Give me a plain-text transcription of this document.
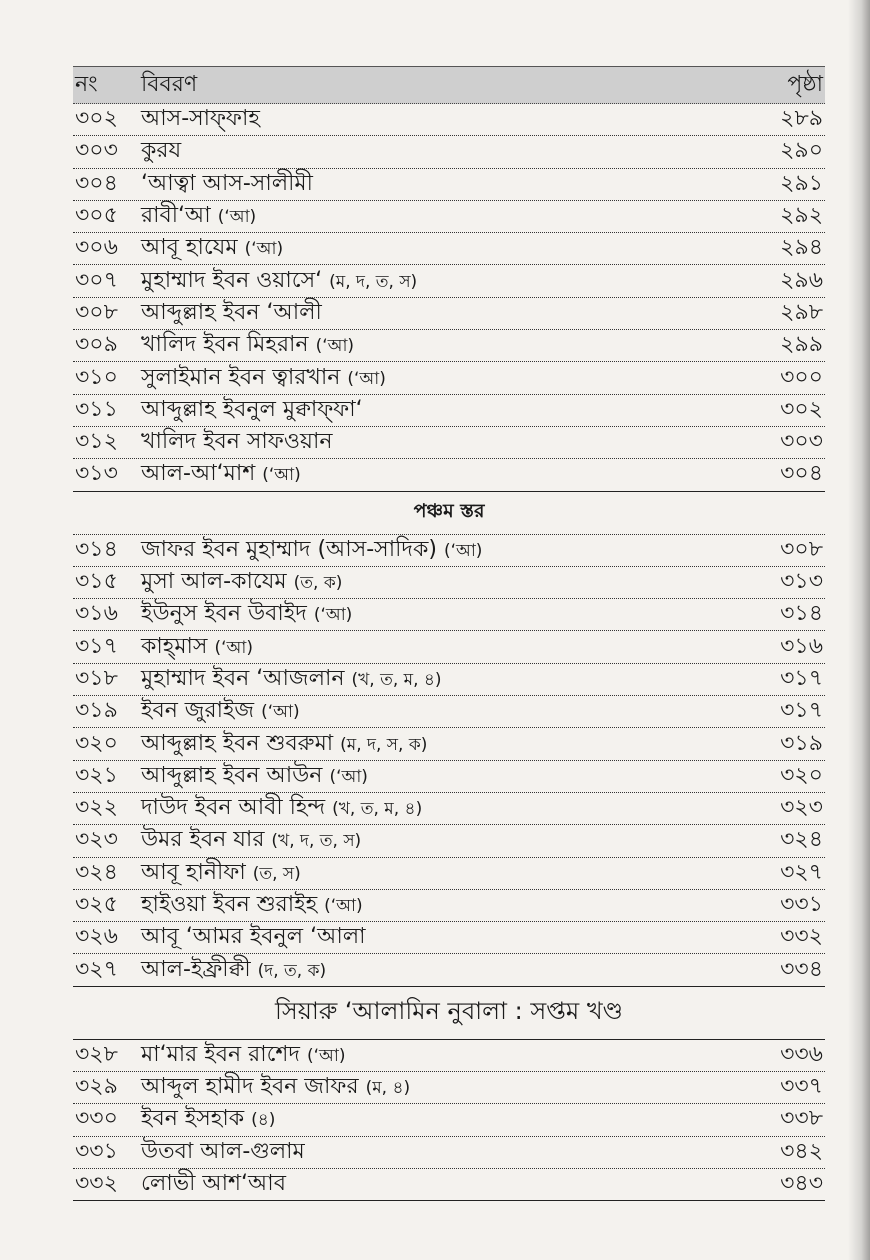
নং	বিবরণ	পৃষ্ঠা
৩০২	আস-সাফ্‌ফাহ	২৮৯
৩০৩	কুরয	২৯০
৩০৪	‘আত্বা আস-সালীমী	২৯১
৩০৫	রাবী‘আ (‘আ)	২৯২
৩০৬	আবূ হাযেম (‘আ)	২৯৪
৩০৭	মুহাম্মাদ ইবন ওয়াসে‘ (ম, দ, ত, স)	২৯৬
৩০৮	আব্দুল্লাহ ইবন ‘আলী	২৯৮
৩০৯	খালিদ ইবন মিহরান (‘আ)	২৯৯
৩১০	সুলাইমান ইবন ত্বারখান (‘আ)	৩০০
৩১১	আব্দুল্লাহ ইবনুল মুক্বাফ্‌ফা‘	৩০২
৩১২	খালিদ ইবন সাফওয়ান	৩০৩
৩১৩	আল-আ‘মাশ (‘আ)	৩০৪
পঞ্চম স্তর
৩১৪	জাফর ইবন মুহাম্মাদ (আস-সাদিক) (‘আ)	৩০৮
৩১৫	মুসা আল-কাযেম (ত, ক)	৩১৩
৩১৬	ইউনুস ইবন উবাইদ (‘আ)	৩১৪
৩১৭	কাহ্‌মাস (‘আ)	৩১৬
৩১৮	মুহাম্মাদ ইবন ‘আজলান (খ, ত, ম, ৪)	৩১৭
৩১৯	ইবন জুরাইজ (‘আ)	৩১৭
৩২০	আব্দুল্লাহ ইবন শুবরুমা (ম, দ, স, ক)	৩১৯
৩২১	আব্দুল্লাহ ইবন আউন (‘আ)	৩২০
৩২২	দাউদ ইবন আবী হিন্দ (খ, ত, ম, ৪)	৩২৩
৩২৩	উমর ইবন যার (খ, দ, ত, স)	৩২৪
৩২৪	আবূ হানীফা (ত, স)	৩২৭
৩২৫	হাইওয়া ইবন শুরাইহ (‘আ)	৩৩১
৩২৬	আবূ ‘আমর ইবনুল ‘আলা	৩৩২
৩২৭	আল-ইফ্রীক্বী (দ, ত, ক)	৩৩৪
সিয়ারু ‘আলামিন নুবালা : সপ্তম খণ্ড
৩২৮	মা‘মার ইবন রাশেদ (‘আ)	৩৩৬
৩২৯	আব্দুল হামীদ ইবন জাফর (ম, ৪)	৩৩৭
৩৩০	ইবন ইসহাক (৪)	৩৩৮
৩৩১	উতবা আল-গুলাম	৩৪২
৩৩২	লোভী আশ‘আব	৩৪৩
